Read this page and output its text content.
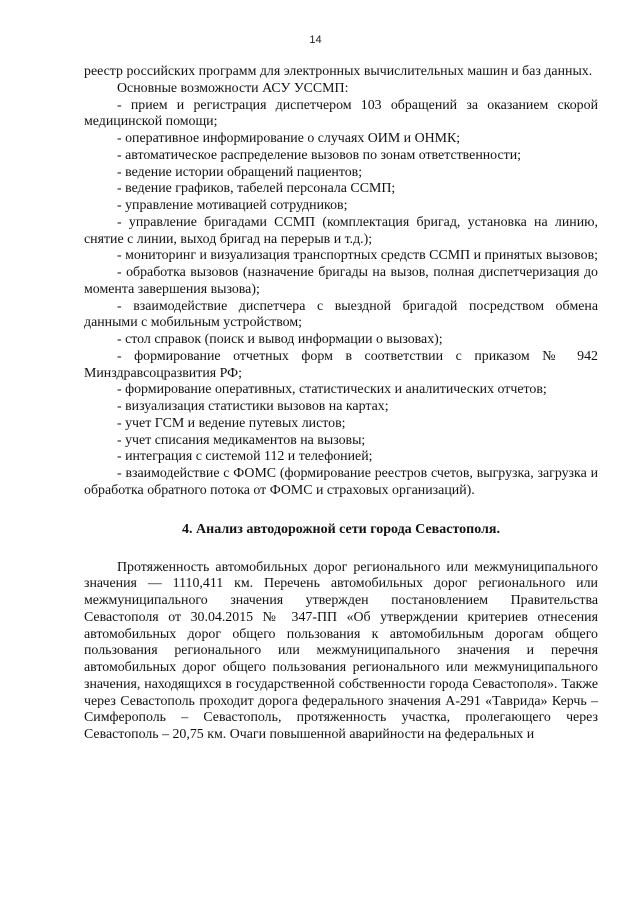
14

реестр российских программ для электронных вычислительных машин и баз данных.

Основные возможности АСУ УССМП:

- прием и регистрация диспетчером 103 обращений за оказанием скорой медицинской помощи;

- оперативное информирование о случаях ОИМ и ОНМК;

- автоматическое распределение вызовов по зонам ответственности;

- ведение истории обращений пациентов;

- ведение графиков, табелей персонала ССМП;

- управление мотивацией сотрудников;

- управление бригадами ССМП (комплектация бригад, установка на линию, снятие с линии, выход бригад на перерыв и т.д.);

- мониторинг и визуализация транспортных средств ССМП и принятых вызовов;

- обработка вызовов (назначение бригады на вызов, полная диспетчеризация до момента завершения вызова);

- взаимодействие диспетчера с выездной бригадой посредством обмена данными с мобильным устройством;

- стол справок (поиск и вывод информации о вызовах);

- формирование отчетных форм в соответствии с приказом № 942 Минздравсоцразвития РФ;

- формирование оперативных, статистических и аналитических отчетов;

- визуализация статистики вызовов на картах;

- учет ГСМ и ведение путевых листов;

- учет списания медикаментов на вызовы;

- интеграция с системой 112 и телефонией;

- взаимодействие с ФОМС (формирование реестров счетов, выгрузка, загрузка и обработка обратного потока от ФОМС и страховых организаций).

4. Анализ автодорожной сети города Севастополя.

Протяженность автомобильных дорог регионального или межмуниципального значения — 1110,411 км. Перечень автомобильных дорог регионального или межмуниципального значения утвержден постановлением Правительства Севастополя от 30.04.2015 № 347-ПП «Об утверждении критериев отнесения автомобильных дорог общего пользования к автомобильным дорогам общего пользования регионального или межмуниципального значения и перечня автомобильных дорог общего пользования регионального или межмуниципального значения, находящихся в государственной собственности города Севастополя». Также через Севастополь проходит дорога федерального значения А-291 «Таврида» Керчь – Симферополь – Севастополь, протяженность участка, пролегающего через Севастополь – 20,75 км. Очаги повышенной аварийности на федеральных и
